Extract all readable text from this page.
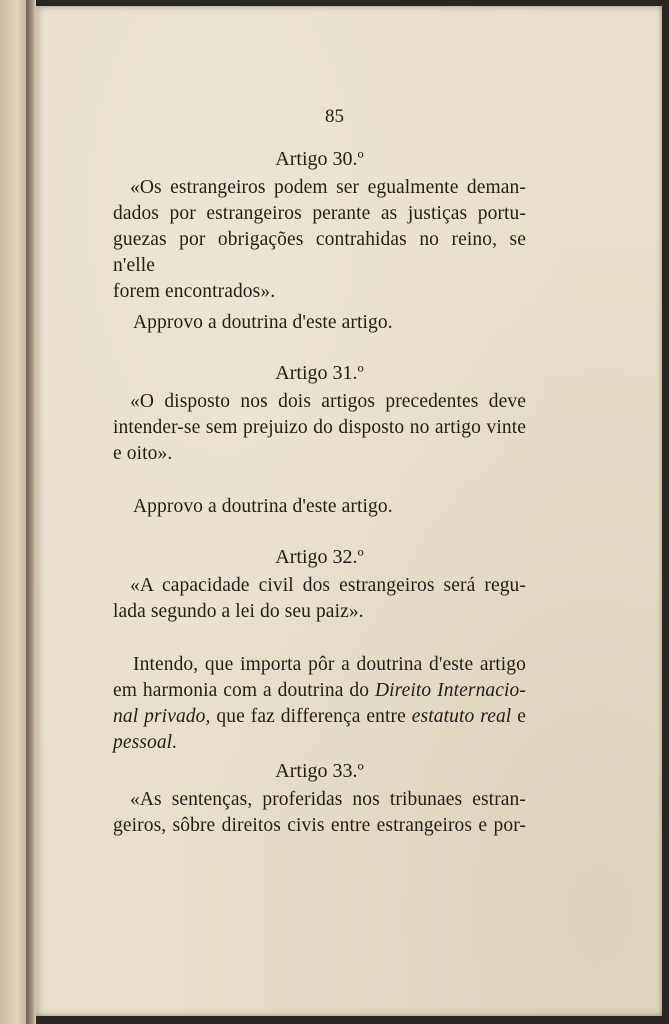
85
Artigo 30.º
«Os estrangeiros podem ser egualmente deman-
dados por estrangeiros perante as justiças portu-
guezas por obrigações contrahidas no reino, se n'elle
forem encontrados».
Approvo a doutrina d'este artigo.
Artigo 31.º
«O disposto nos dois artigos precedentes deve
intender-se sem prejuizo do disposto no artigo vinte
e oito».
Approvo a doutrina d'este artigo.
Artigo 32.º
«A capacidade civil dos estrangeiros será regu-
lada segundo a lei do seu paiz».
Intendo, que importa pôr a doutrina d'este artigo
em harmonia com a doutrina do Direito Internacio-
nal privado, que faz differença entre estatuto real e
pessoal.
Artigo 33.º
«As sentenças, proferidas nos tribunaes estran-
geiros, sôbre direitos civis entre estrangeiros e por-
